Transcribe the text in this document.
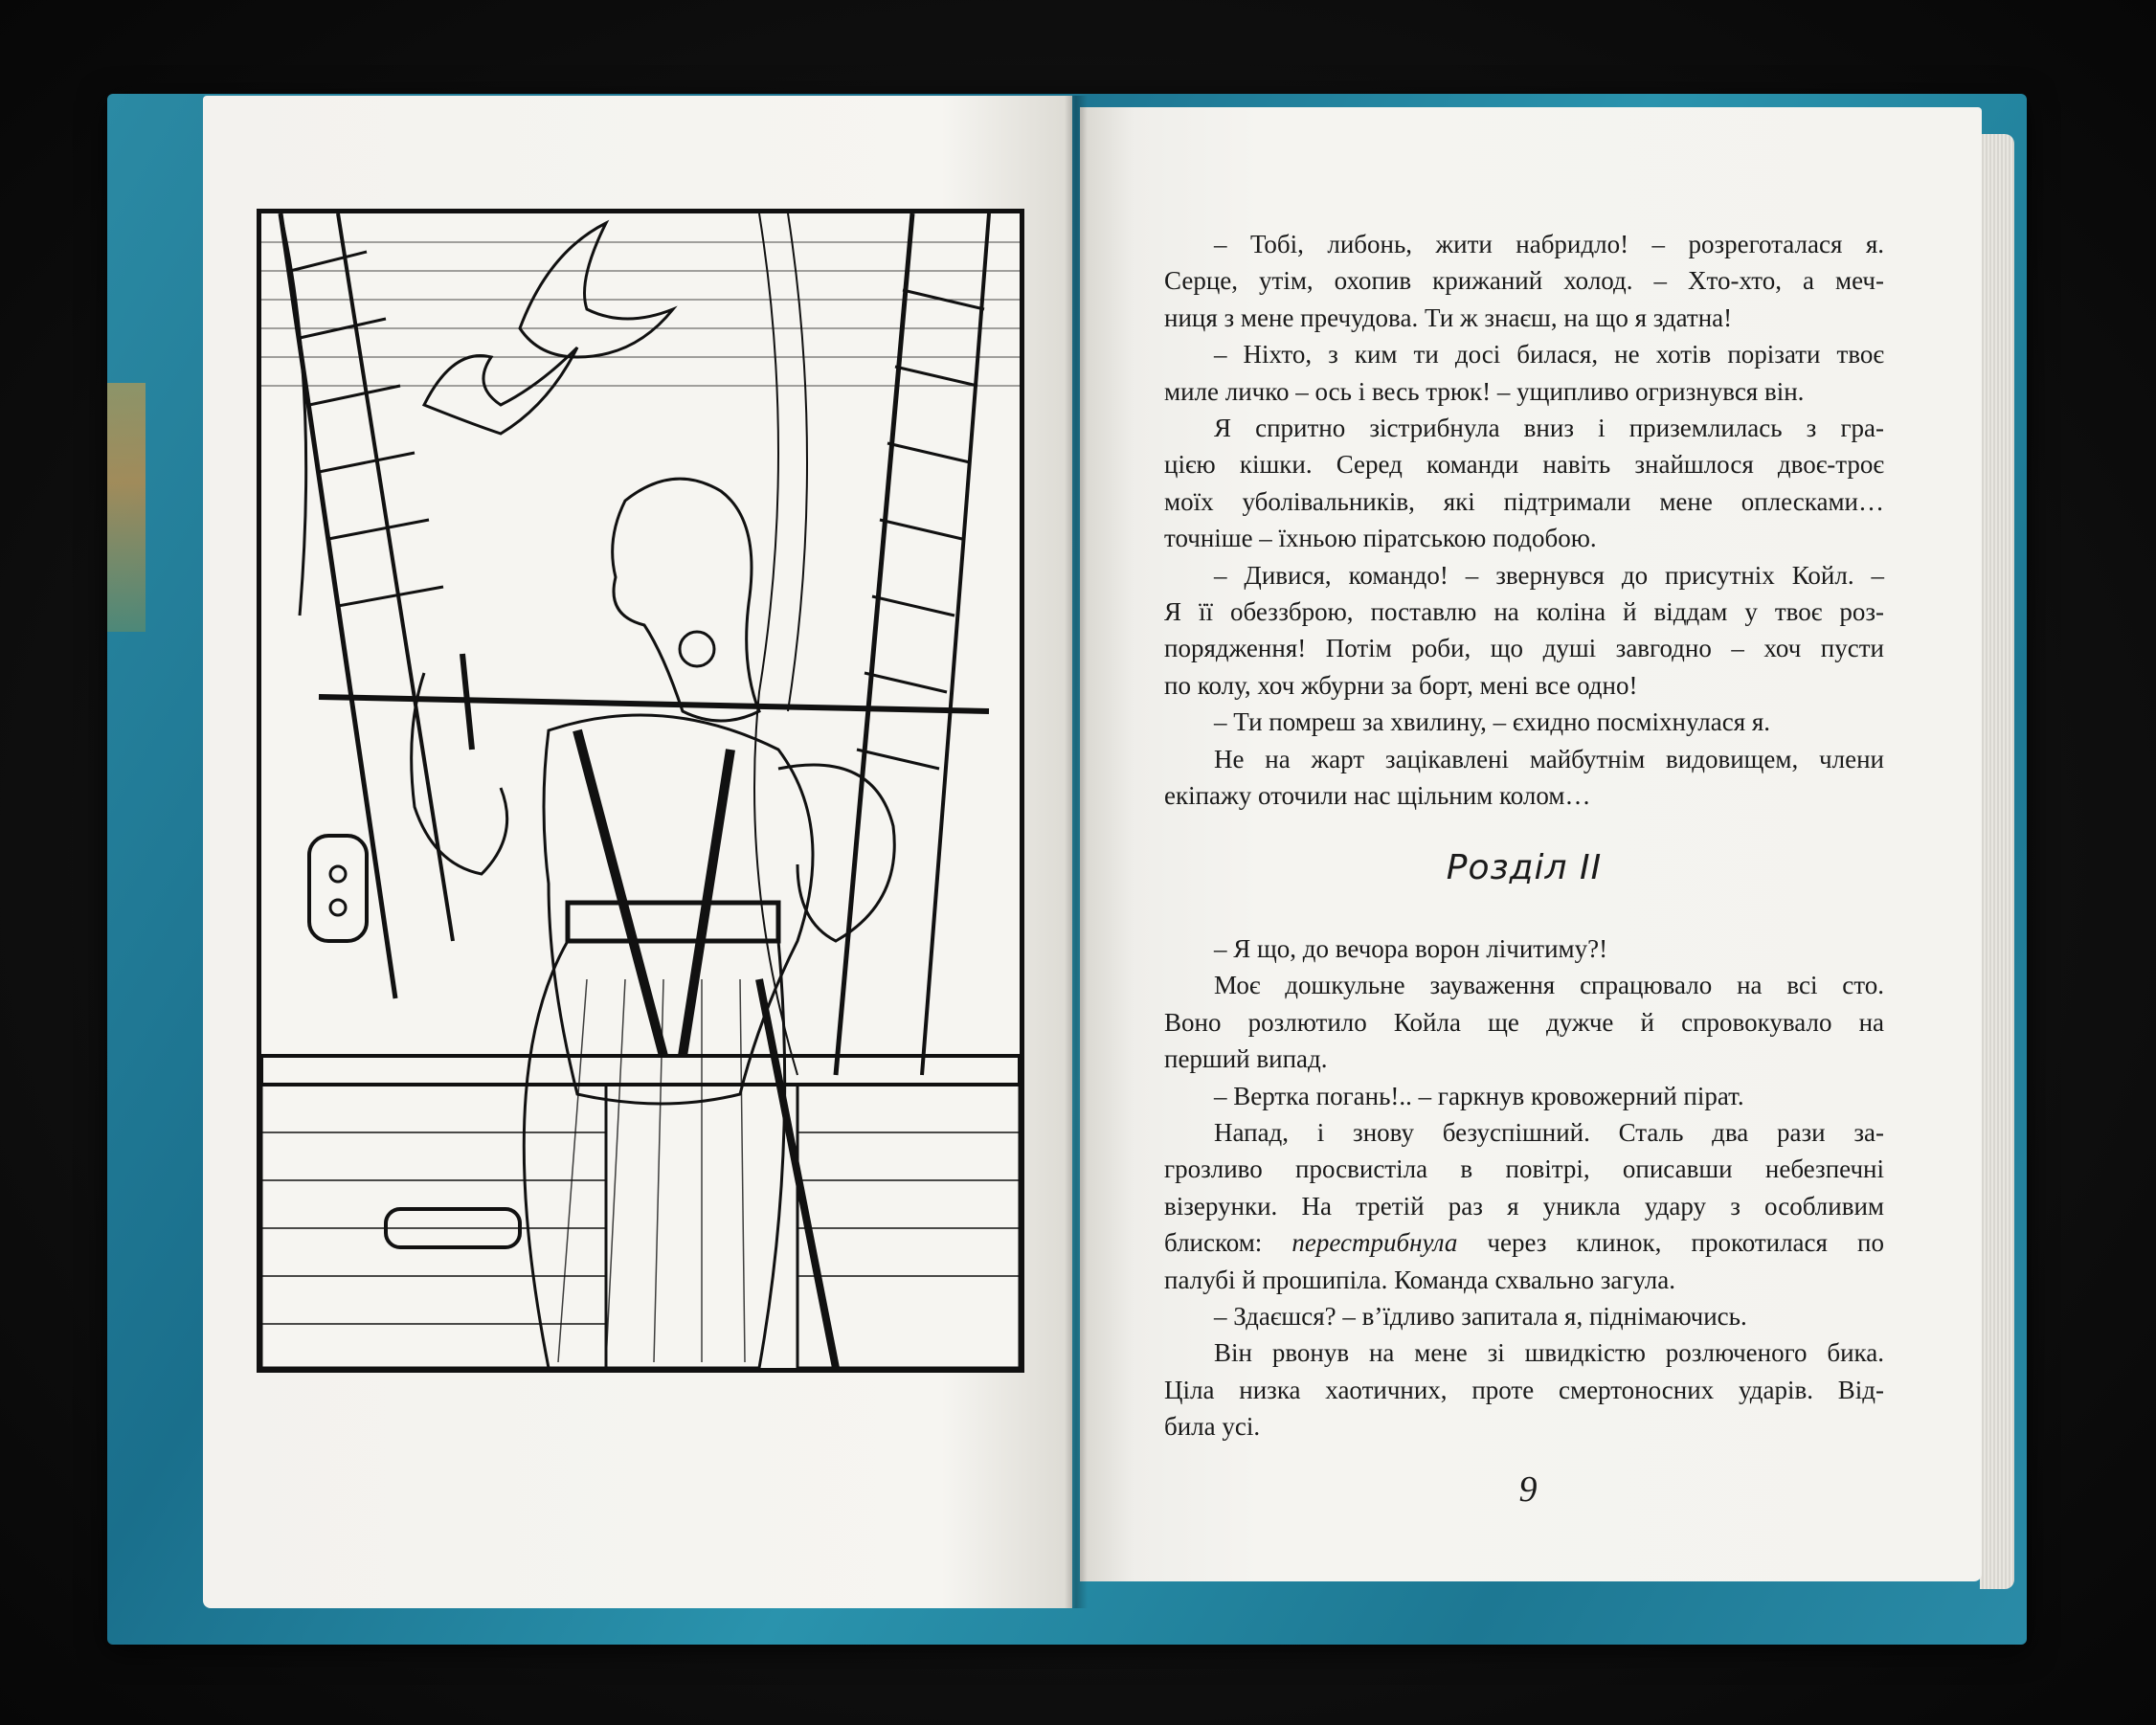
– Тобі, либонь, жити набридло! – розреготалася я.
Серце, утім, охопив крижаний холод. – Хто-хто, а меч-
ниця з мене пречудова. Ти ж знаєш, на що я здатна!
– Ніхто, з ким ти досі билася, не хотів порізати твоє
миле личко – ось і весь трюк! – ущипливо огризнувся він.
Я спритно зістрибнула вниз і приземлилась з гра-
цією кішки. Серед команди навіть знайшлося двоє-троє
моїх уболівальників, які підтримали мене оплесками…
точніше – їхньою піратською подобою.
– Дивися, командо! – звернувся до присутніх Койл. –
Я її обеззброю, поставлю на коліна й віддам у твоє роз-
порядження! Потім роби, що душі завгодно – хоч пусти
по колу, хоч жбурни за борт, мені все одно!
– Ти помреш за хвилину, – єхидно посміхнулася я.
Не на жарт зацікавлені майбутнім видовищем, члени
екіпажу оточили нас щільним колом…
Розділ ІІ
– Я що, до вечора ворон лічитиму?!
Моє дошкульне зауваження спрацювало на всі сто.
Воно розлютило Койла ще дужче й спровокувало на
перший випад.
– Вертка погань!.. – гаркнув кровожерний пірат.
Напад, і знову безуспішний. Сталь два рази за-
грозливо просвистіла в повітрі, описавши небезпечні
візерунки. На третій раз я уникла удару з особливим
блиском: перестрибнула через клинок, прокотилася по
палубі й прошипіла. Команда схвально загула.
– Здаєшся? – в’їдливо запитала я, піднімаючись.
Він рвонув на мене зі швидкістю розлюченого бика.
Ціла низка хаотичних, проте смертоносних ударів. Від-
била усі.
9
